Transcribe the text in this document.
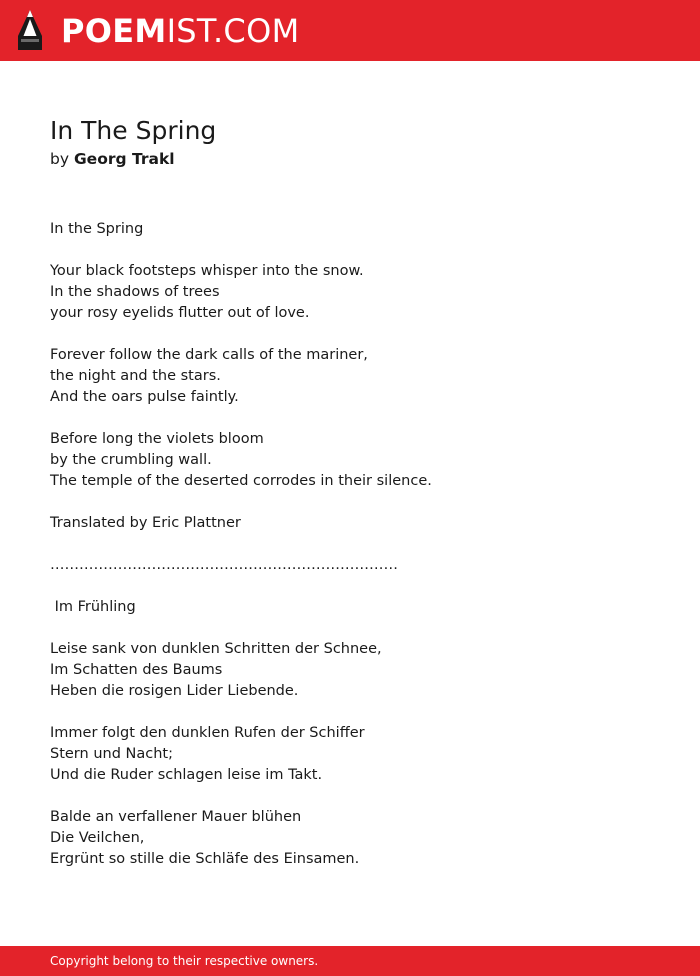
POEMIST.COM
In The Spring
by Georg Trakl
In the Spring
Your black footsteps whisper into the snow.
In the shadows of trees
your rosy eyelids flutter out of love.
Forever follow the dark calls of the mariner,
the night and the stars.
And the oars pulse faintly.
Before long the violets bloom
by the crumbling wall.
The temple of the deserted corrodes in their silence.
Translated by Eric Plattner
………………………………………………………………
Im Frühling
Leise sank von dunklen Schritten der Schnee,
Im Schatten des Baums
Heben die rosigen Lider Liebende.
Immer folgt den dunklen Rufen der Schiffer
Stern und Nacht;
Und die Ruder schlagen leise im Takt.
Balde an verfallener Mauer blühen
Die Veilchen,
Ergrünt so stille die Schläfe des Einsamen.
Copyright belong to their respective owners.
